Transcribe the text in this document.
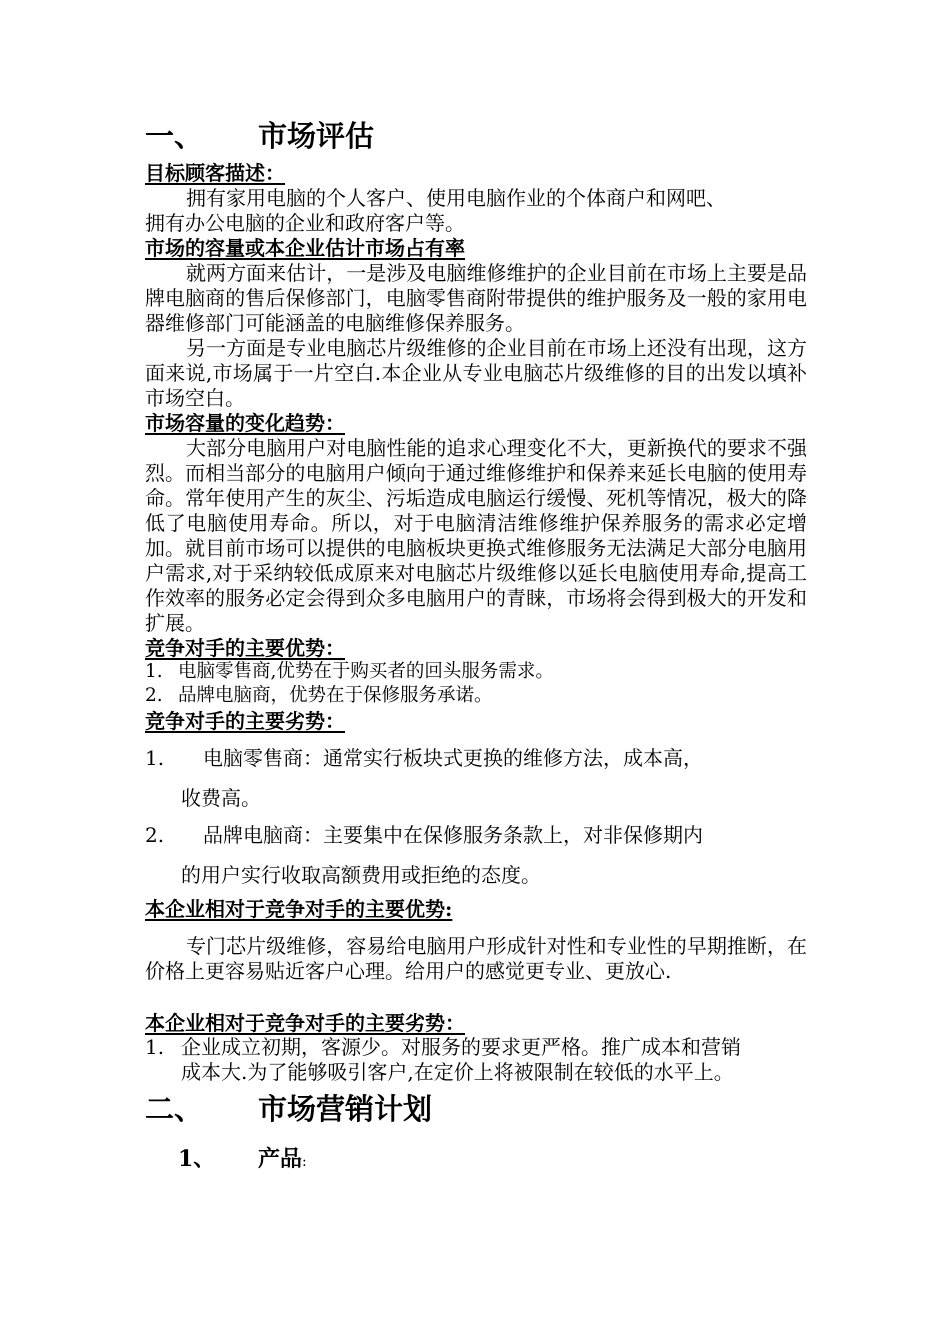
一、 市场评估
目标顾客描述：
拥有家用电脑的个人客户、使用电脑作业的个体商户和网吧、
拥有办公电脑的企业和政府客户等。
市场的容量或本企业估计市场占有率
就两方面来估计，一是涉及电脑维修维护的企业目前在市场上主要是品牌电脑商的售后保修部门，电脑零售商附带提供的维护服务及一般的家用电器维修部门可能涵盖的电脑维修保养服务。
另一方面是专业电脑芯片级维修的企业目前在市场上还没有出现，这方面来说,市场属于一片空白.本企业从专业电脑芯片级维修的目的出发以填补市场空白。
市场容量的变化趋势：
大部分电脑用户对电脑性能的追求心理变化不大，更新换代的要求不强烈。而相当部分的电脑用户倾向于通过维修维护和保养来延长电脑的使用寿命。常年使用产生的灰尘、污垢造成电脑运行缓慢、死机等情况，极大的降低了电脑使用寿命。所以，对于电脑清洁维修维护保养服务的需求必定增加。就目前市场可以提供的电脑板块更换式维修服务无法满足大部分电脑用户需求,对于采纳较低成原来对电脑芯片级维修以延长电脑使用寿命,提高工作效率的服务必定会得到众多电脑用户的青睐，市场将会得到极大的开发和扩展。
竞争对手的主要优势：
1. 电脑零售商,优势在于购买者的回头服务需求。
2. 品牌电脑商，优势在于保修服务承诺。
竞争对手的主要劣势：
1. 电脑零售商：通常实行板块式更换的维修方法，成本高，
收费高。
2. 品牌电脑商：主要集中在保修服务条款上，对非保修期内
的用户实行收取高额费用或拒绝的态度。
本企业相对于竞争对手的主要优势:
专门芯片级维修，容易给电脑用户形成针对性和专业性的早期推断，在价格上更容易贴近客户心理。给用户的感觉更专业、更放心.
本企业相对于竞争对手的主要劣势：
1. 企业成立初期，客源少。对服务的要求更严格。推广成本和营销
成本大.为了能够吸引客户,在定价上将被限制在较低的水平上。
二、 市场营销计划
1、 产品:
